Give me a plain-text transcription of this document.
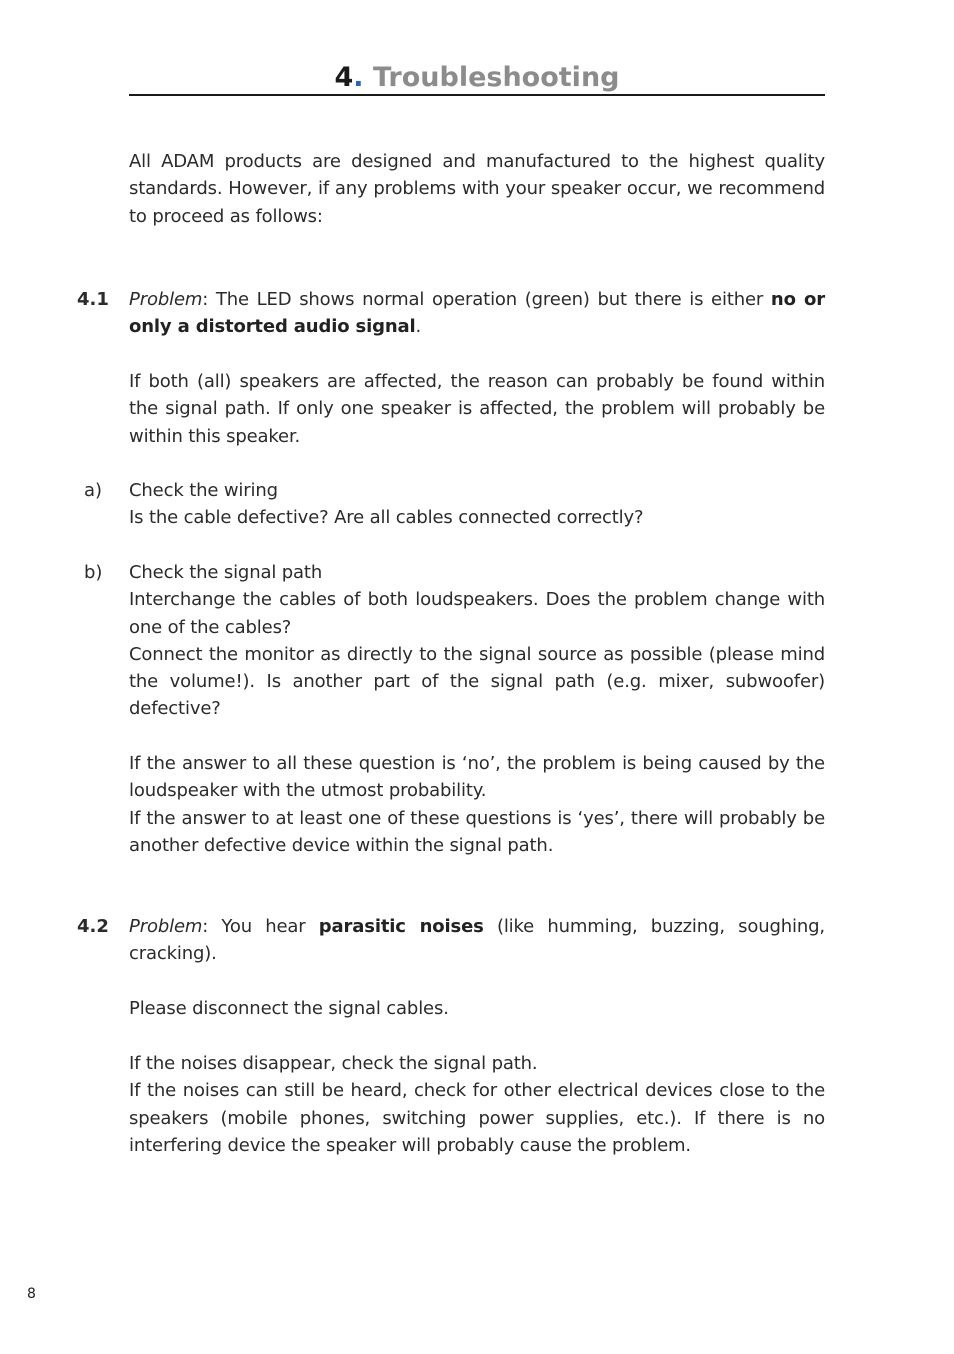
4. Troubleshooting
All ADAM products are designed and manufactured to the highest quality standards. However, if any problems with your speaker occur, we recommend to proceed as follows:
4.1 Problem: The LED shows normal operation (green) but there is either no or only a distorted audio signal.
If both (all) speakers are affected, the reason can probably be found within the signal path. If only one speaker is affected, the problem will probably be within this speaker.
a) Check the wiring
Is the cable defective? Are all cables connected correctly?
b) Check the signal path
Interchange the cables of both loudspeakers. Does the problem change with one of the cables?
Connect the monitor as directly to the signal source as possible (please mind the volume!). Is another part of the signal path (e.g. mixer, subwoofer) defective?
If the answer to all these question is ‘no’, the problem is being caused by the loudspeaker with the utmost probability.
If the answer to at least one of these questions is ‘yes’, there will probably be another defective device within the signal path.
4.2 Problem: You hear parasitic noises (like humming, buzzing, soughing, cracking).
Please disconnect the signal cables.
If the noises disappear, check the signal path.
If the noises can still be heard, check for other electrical devices close to the speakers (mobile phones, switching power supplies, etc.). If there is no interfering device the speaker will probably cause the problem.
8
